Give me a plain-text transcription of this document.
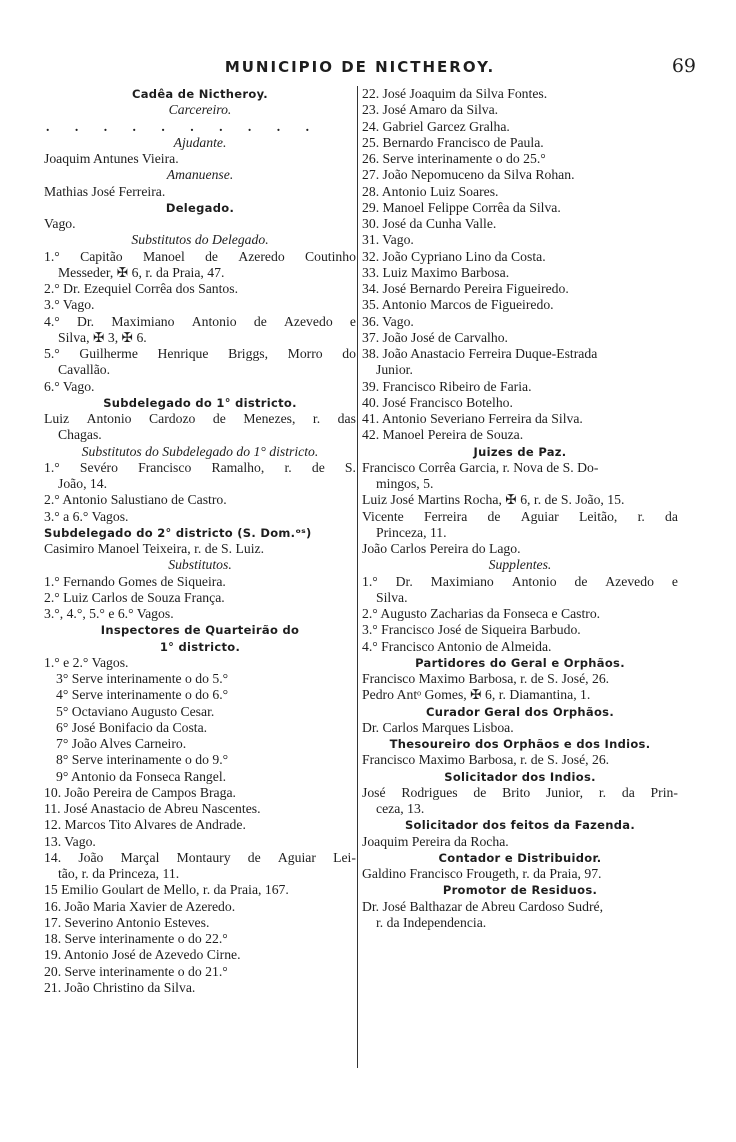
MUNICIPIO DE NICTHEROY.	69
Cadêa de Nictheroy.
Carcereiro.
. . . . . . . . . .
Ajudante.
Joaquim Antunes Vieira.
Amanuense.
Mathias José Ferreira.
Delegado.
Vago.
Substitutos do Delegado.
1.° Capitão Manoel de Azeredo Coutinho
Messeder, ✠ 6, r. da Praia, 47.
2.° Dr. Ezequiel Corrêa dos Santos.
3.° Vago.
4.° Dr. Maximiano Antonio de Azevedo e
Silva, ✠ 3, ✠ 6.
5.° Guilherme Henrique Briggs, Morro do
Cavallão.
6.° Vago.
Subdelegado do 1° districto.
Luiz Antonio Cardozo de Menezes, r. das
Chagas.
Substitutos do Subdelegado do 1° districto.
1.° Sevéro Francisco Ramalho, r. de S.
João, 14.
2.° Antonio Salustiano de Castro.
3.° a 6.° Vagos.
Subdelegado do 2° districto (S. Dom.ᵒˢ)
Casimiro Manoel Teixeira, r. de S. Luiz.
Substitutos.
1.° Fernando Gomes de Siqueira.
2.° Luiz Carlos de Souza França.
3.°, 4.°, 5.° e 6.° Vagos.
Inspectores de Quarteirão do
1° districto.
1.° e 2.° Vagos.
3° Serve interinamente o do 5.°
4° Serve interinamente o do 6.°
5° Octaviano Augusto Cesar.
6° José Bonifacio da Costa.
7° João Alves Carneiro.
8° Serve interinamente o do 9.°
9° Antonio da Fonseca Rangel.
10. João Pereira de Campos Braga.
11. José Anastacio de Abreu Nascentes.
12. Marcos Tito Alvares de Andrade.
13. Vago.
14. João Marçal Montaury de Aguiar Lei-
tão, r. da Princeza, 11.
15 Emilio Goulart de Mello, r. da Praia, 167.
16. João Maria Xavier de Azeredo.
17. Severino Antonio Esteves.
18. Serve interinamente o do 22.°
19. Antonio José de Azevedo Cirne.
20. Serve interinamente o do 21.°
21. João Christino da Silva.
22. José Joaquim da Silva Fontes.
23. José Amaro da Silva.
24. Gabriel Garcez Gralha.
25. Bernardo Francisco de Paula.
26. Serve interinamente o do 25.°
27. João Nepomuceno da Silva Rohan.
28. Antonio Luiz Soares.
29. Manoel Felippe Corrêa da Silva.
30. José da Cunha Valle.
31. Vago.
32. João Cypriano Lino da Costa.
33. Luiz Maximo Barbosa.
34. José Bernardo Pereira Figueiredo.
35. Antonio Marcos de Figueiredo.
36. Vago.
37. João José de Carvalho.
38. João Anastacio Ferreira Duque-Estrada
Junior.
39. Francisco Ribeiro de Faria.
40. José Francisco Botelho.
41. Antonio Severiano Ferreira da Silva.
42. Manoel Pereira de Souza.
Juizes de Paz.
Francisco Corrêa Garcia, r. Nova de S. Do-
mingos, 5.
Luiz José Martins Rocha, ✠ 6, r. de S. João, 15.
Vicente Ferreira de Aguiar Leitão, r. da
Princeza, 11.
João Carlos Pereira do Lago.
Supplentes.
1.° Dr. Maximiano Antonio de Azevedo e
Silva.
2.° Augusto Zacharias da Fonseca e Castro.
3.° Francisco José de Siqueira Barbudo.
4.° Francisco Antonio de Almeida.
Partidores do Geral e Orphãos.
Francisco Maximo Barbosa, r. de S. José, 26.
Pedro Antᵒ Gomes, ✠ 6, r. Diamantina, 1.
Curador Geral dos Orphãos.
Dr. Carlos Marques Lisboa.
Thesoureiro dos Orphãos e dos Indios.
Francisco Maximo Barbosa, r. de S. José, 26.
Solicitador dos Indios.
José Rodrigues de Brito Junior, r. da Prin-
ceza, 13.
Solicitador dos feitos da Fazenda.
Joaquim Pereira da Rocha.
Contador e Distribuidor.
Galdino Francisco Frougeth, r. da Praia, 97.
Promotor de Residuos.
Dr. José Balthazar de Abreu Cardoso Sudré,
r. da Independencia.
